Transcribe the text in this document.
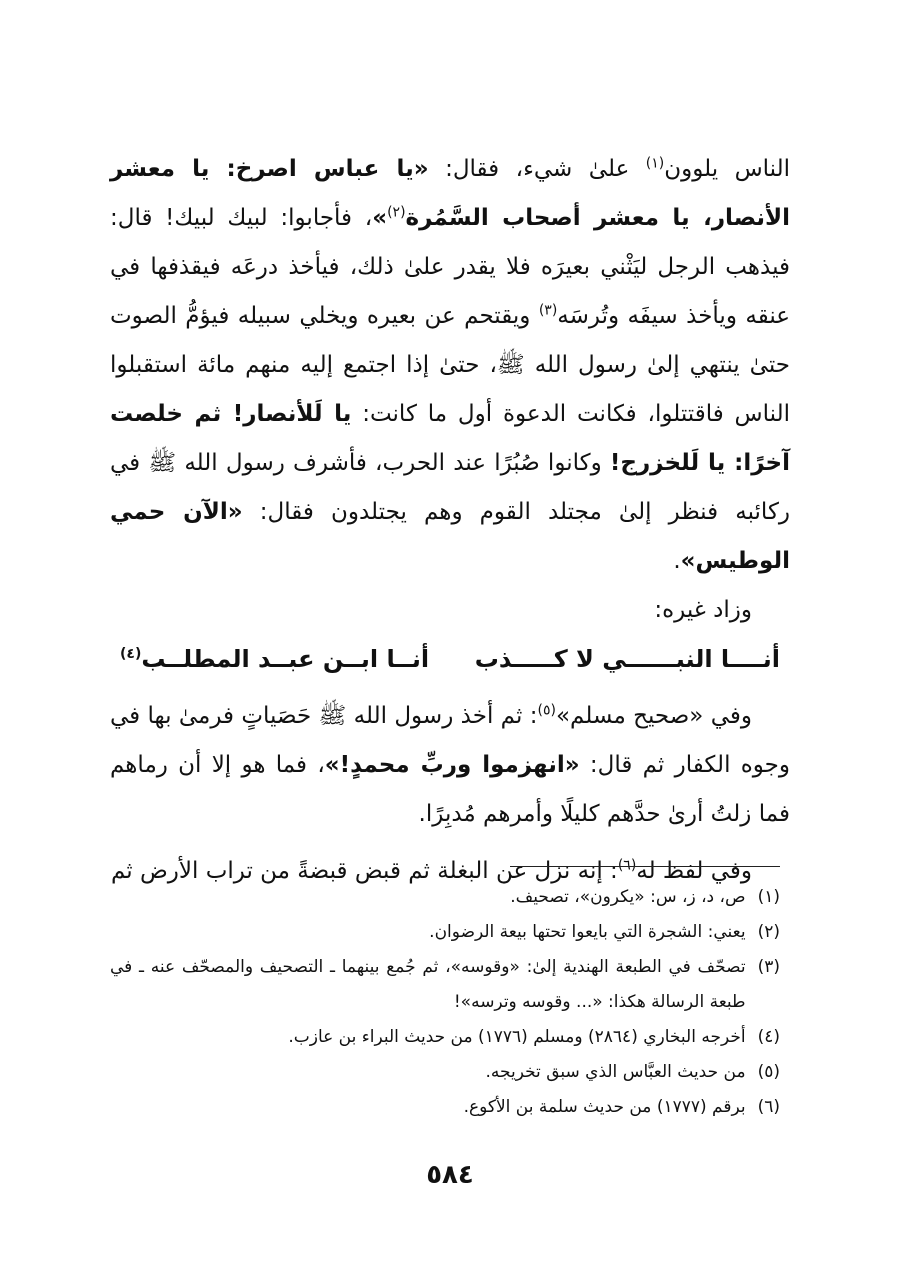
الناس يلوون$^{(١)}$ علىٰ شيء، فقال: «يا عباس اصرخ: يا معشر الأنصار، يا معشر أصحاب السَّمُرة$^{(٢)}$»، فأجابوا: لبيك لبيك! قال: فيذهب الرجل ليَثْني بعيرَه فلا يقدر علىٰ ذلك، فيأخذ درعَه فيقذفها في عنقه ويأخذ سيفَه وتُرسَه$^{(٣)}$ ويقتحم عن بعيره ويخلي سبيله فيؤمُّ الصوت حتىٰ ينتهي إلىٰ رسول الله ﷺ، حتىٰ إذا اجتمع إليه منهم مائة استقبلوا الناس فاقتتلوا، فكانت الدعوة أول ما كانت: يا لَلأنصار! ثم خلصت آخرًا: يا لَلخزرج! وكانوا صُبُرًا عند الحرب، فأشرف رسول الله ﷺ في ركائبه فنظر إلىٰ مجتلد القوم وهم يجتلدون فقال: «الآن حمي الوطيس».

وزاد غيره:

أنــــا النبــــــي لا كـــــذب
أنــا ابــن عبــد المطلــب$^{(٤)}$

وفي «صحيح مسلم»$^{(٥)}$: ثم أخذ رسول الله ﷺ حَصَياتٍ فرمىٰ بها في وجوه الكفار ثم قال: «انهزموا وربِّ محمدٍ!»، فما هو إلا أن رماهم فما زلتُ أرىٰ حدَّهم كليلًا وأمرهم مُدبِرًا.

وفي لفظ له$^{(٦)}$: إنه نزل عن البغلة ثم قبض قبضةً من تراب الأرض ثم

(١)
ص، د، ز، س: «يكرون»، تصحيف.
(٢)
يعني: الشجرة التي بايعوا تحتها بيعة الرضوان.
(٣)
تصحّف في الطبعة الهندية إلىٰ: «وقوسه»، ثم جُمع بينهما ـ التصحيف والمصحّف عنه ـ في طبعة الرسالة هكذا: «... وقوسه وترسه»!
(٤)
أخرجه البخاري (٢٨٦٤) ومسلم (١٧٧٦) من حديث البراء بن عازب.
(٥)
من حديث العبَّاس الذي سبق تخريجه.
(٦)
برقم (١٧٧٧) من حديث سلمة بن الأكوع.
٥٨٤
